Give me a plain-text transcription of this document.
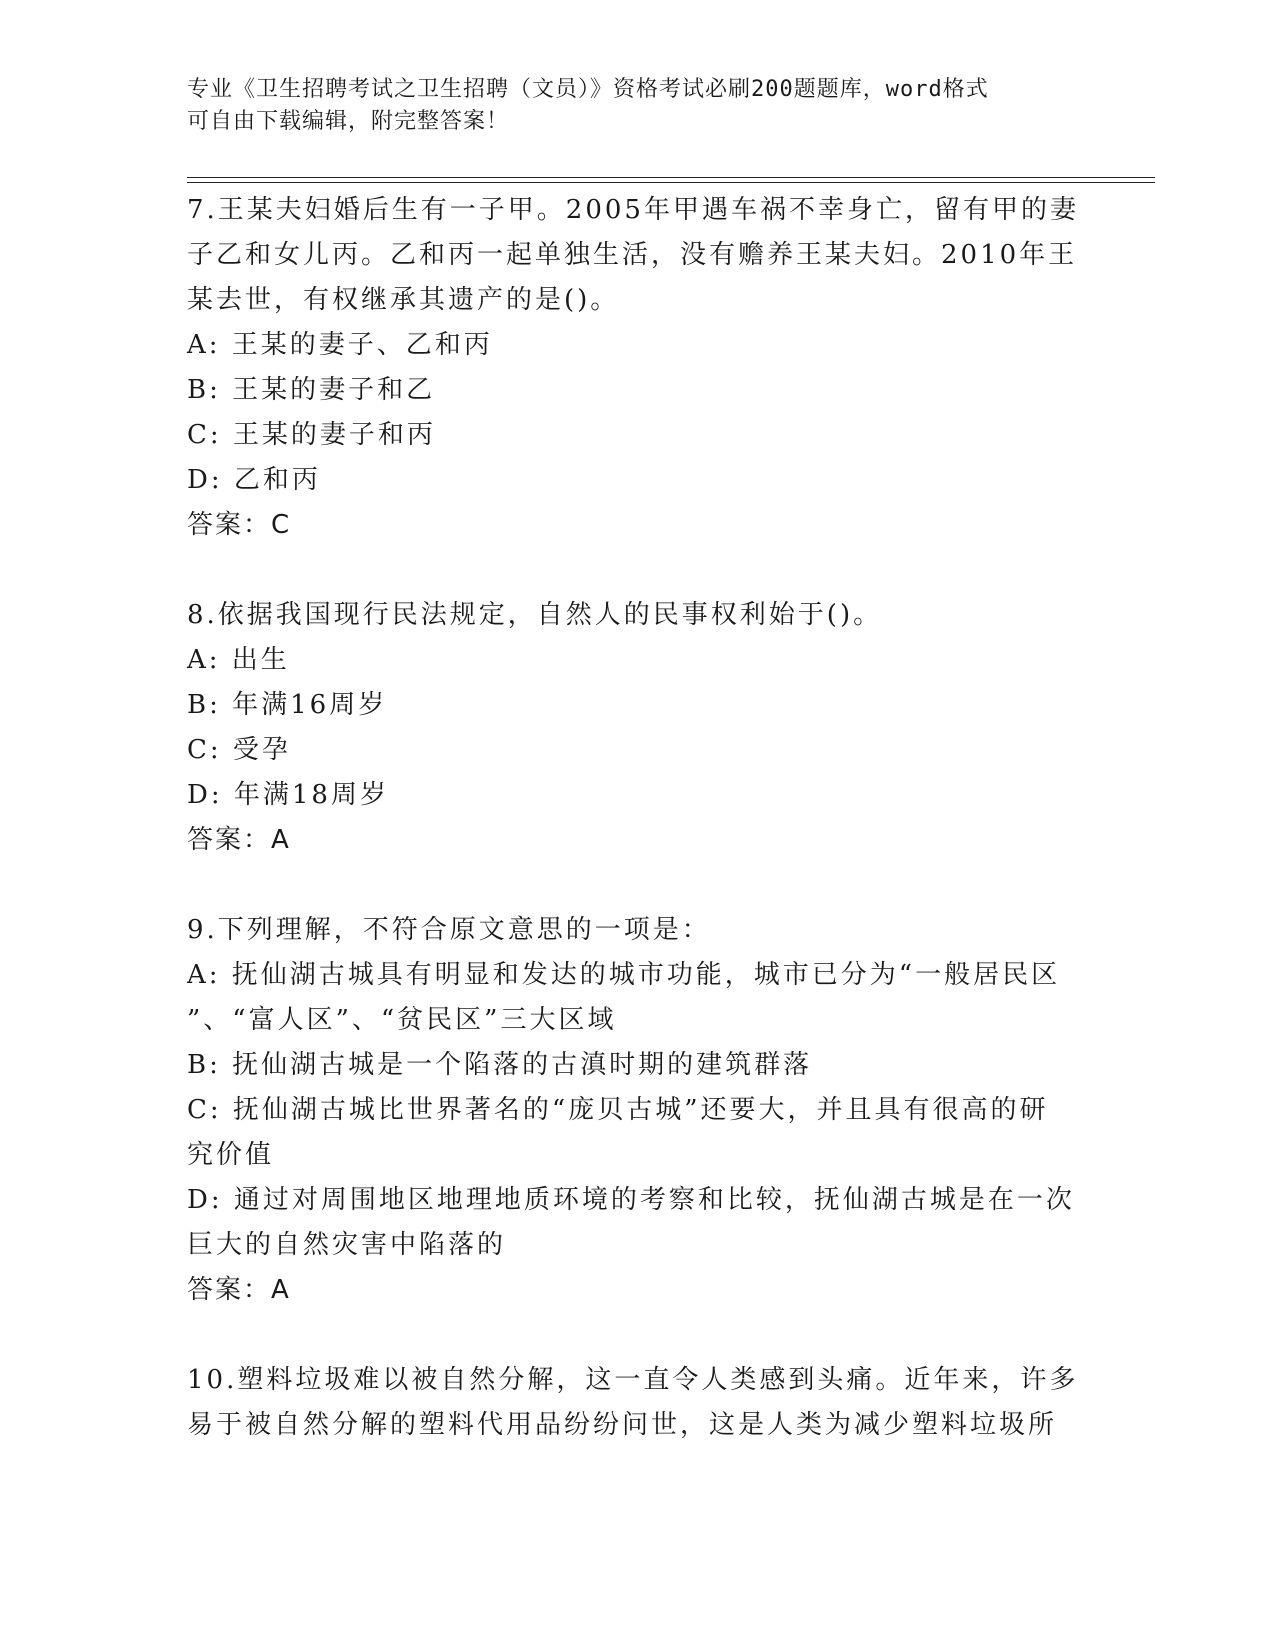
专业《卫生招聘考试之卫生招聘（文员）》资格考试必刷200题题库，word格式
可自由下载编辑，附完整答案！
7.王某夫妇婚后生有一子甲。2005年甲遇车祸不幸身亡，留有甲的妻
子乙和女儿丙。乙和丙一起单独生活，没有赡养王某夫妇。2010年王
某去世，有权继承其遗产的是()。
A: 王某的妻子、乙和丙
B: 王某的妻子和乙
C: 王某的妻子和丙
D: 乙和丙
答案：C
8.依据我国现行民法规定，自然人的民事权利始于()。
A: 出生
B: 年满16周岁
C: 受孕
D: 年满18周岁
答案：A
9.下列理解，不符合原文意思的一项是：
A: 抚仙湖古城具有明显和发达的城市功能，城市已分为“一般居民区
”、“富人区”、“贫民区”三大区域
B: 抚仙湖古城是一个陷落的古滇时期的建筑群落
C: 抚仙湖古城比世界著名的“庞贝古城”还要大，并且具有很高的研
究价值
D: 通过对周围地区地理地质环境的考察和比较，抚仙湖古城是在一次
巨大的自然灾害中陷落的
答案：A
10.塑料垃圾难以被自然分解，这一直令人类感到头痛。近年来，许多
易于被自然分解的塑料代用品纷纷问世，这是人类为减少塑料垃圾所
